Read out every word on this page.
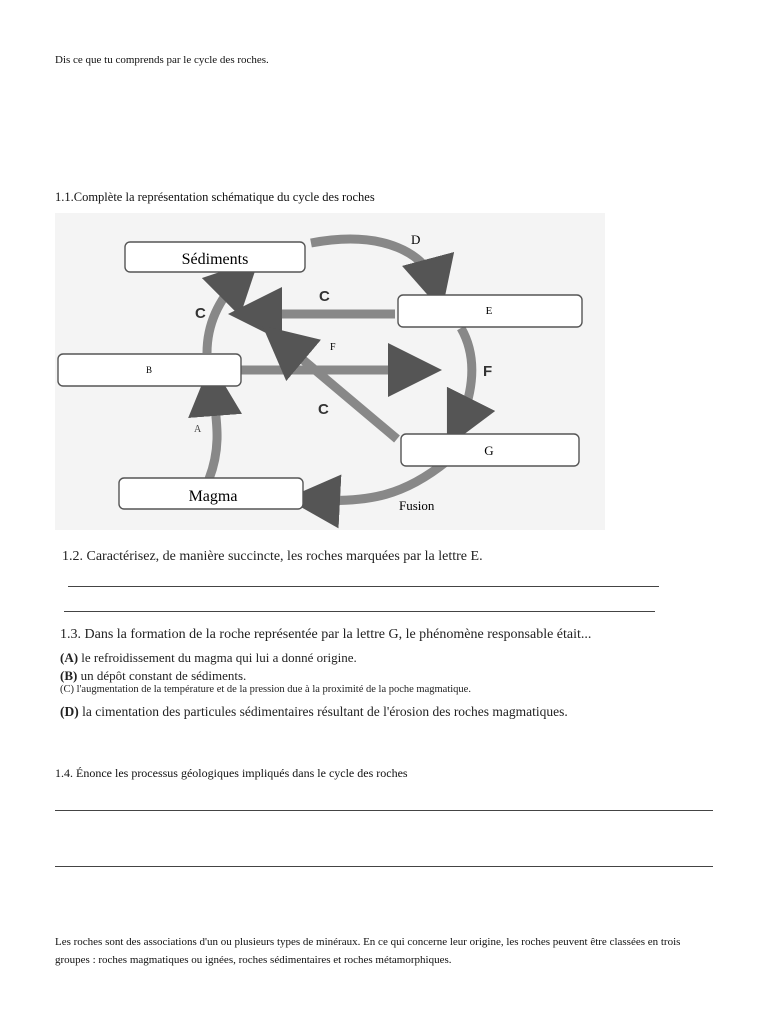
Dis ce que tu comprends par le cycle des roches.
1.1.Complète la représentation schématique du cycle des roches
Sédiments
E
B
G
Magma
D
F
F
C
C
C
A
Fusion
1.2. Caractérisez, de manière succincte, les roches marquées par la lettre E.
1.3. Dans la formation de la roche représentée par la lettre G, le phénomène responsable était...
(A) le refroidissement du magma qui lui a donné origine.
(B) un dépôt constant de sédiments.
(C) l'augmentation de la température et de la pression due à la proximité de la poche magmatique.
(D) la cimentation des particules sédimentaires résultant de l'érosion des roches magmatiques.
1.4. Énonce les processus géologiques impliqués dans le cycle des roches
Les roches sont des associations d'un ou plusieurs types de minéraux. En ce qui concerne leur origine, les roches peuvent être classées en trois groupes : roches magmatiques ou ignées, roches sédimentaires et roches métamorphiques.
